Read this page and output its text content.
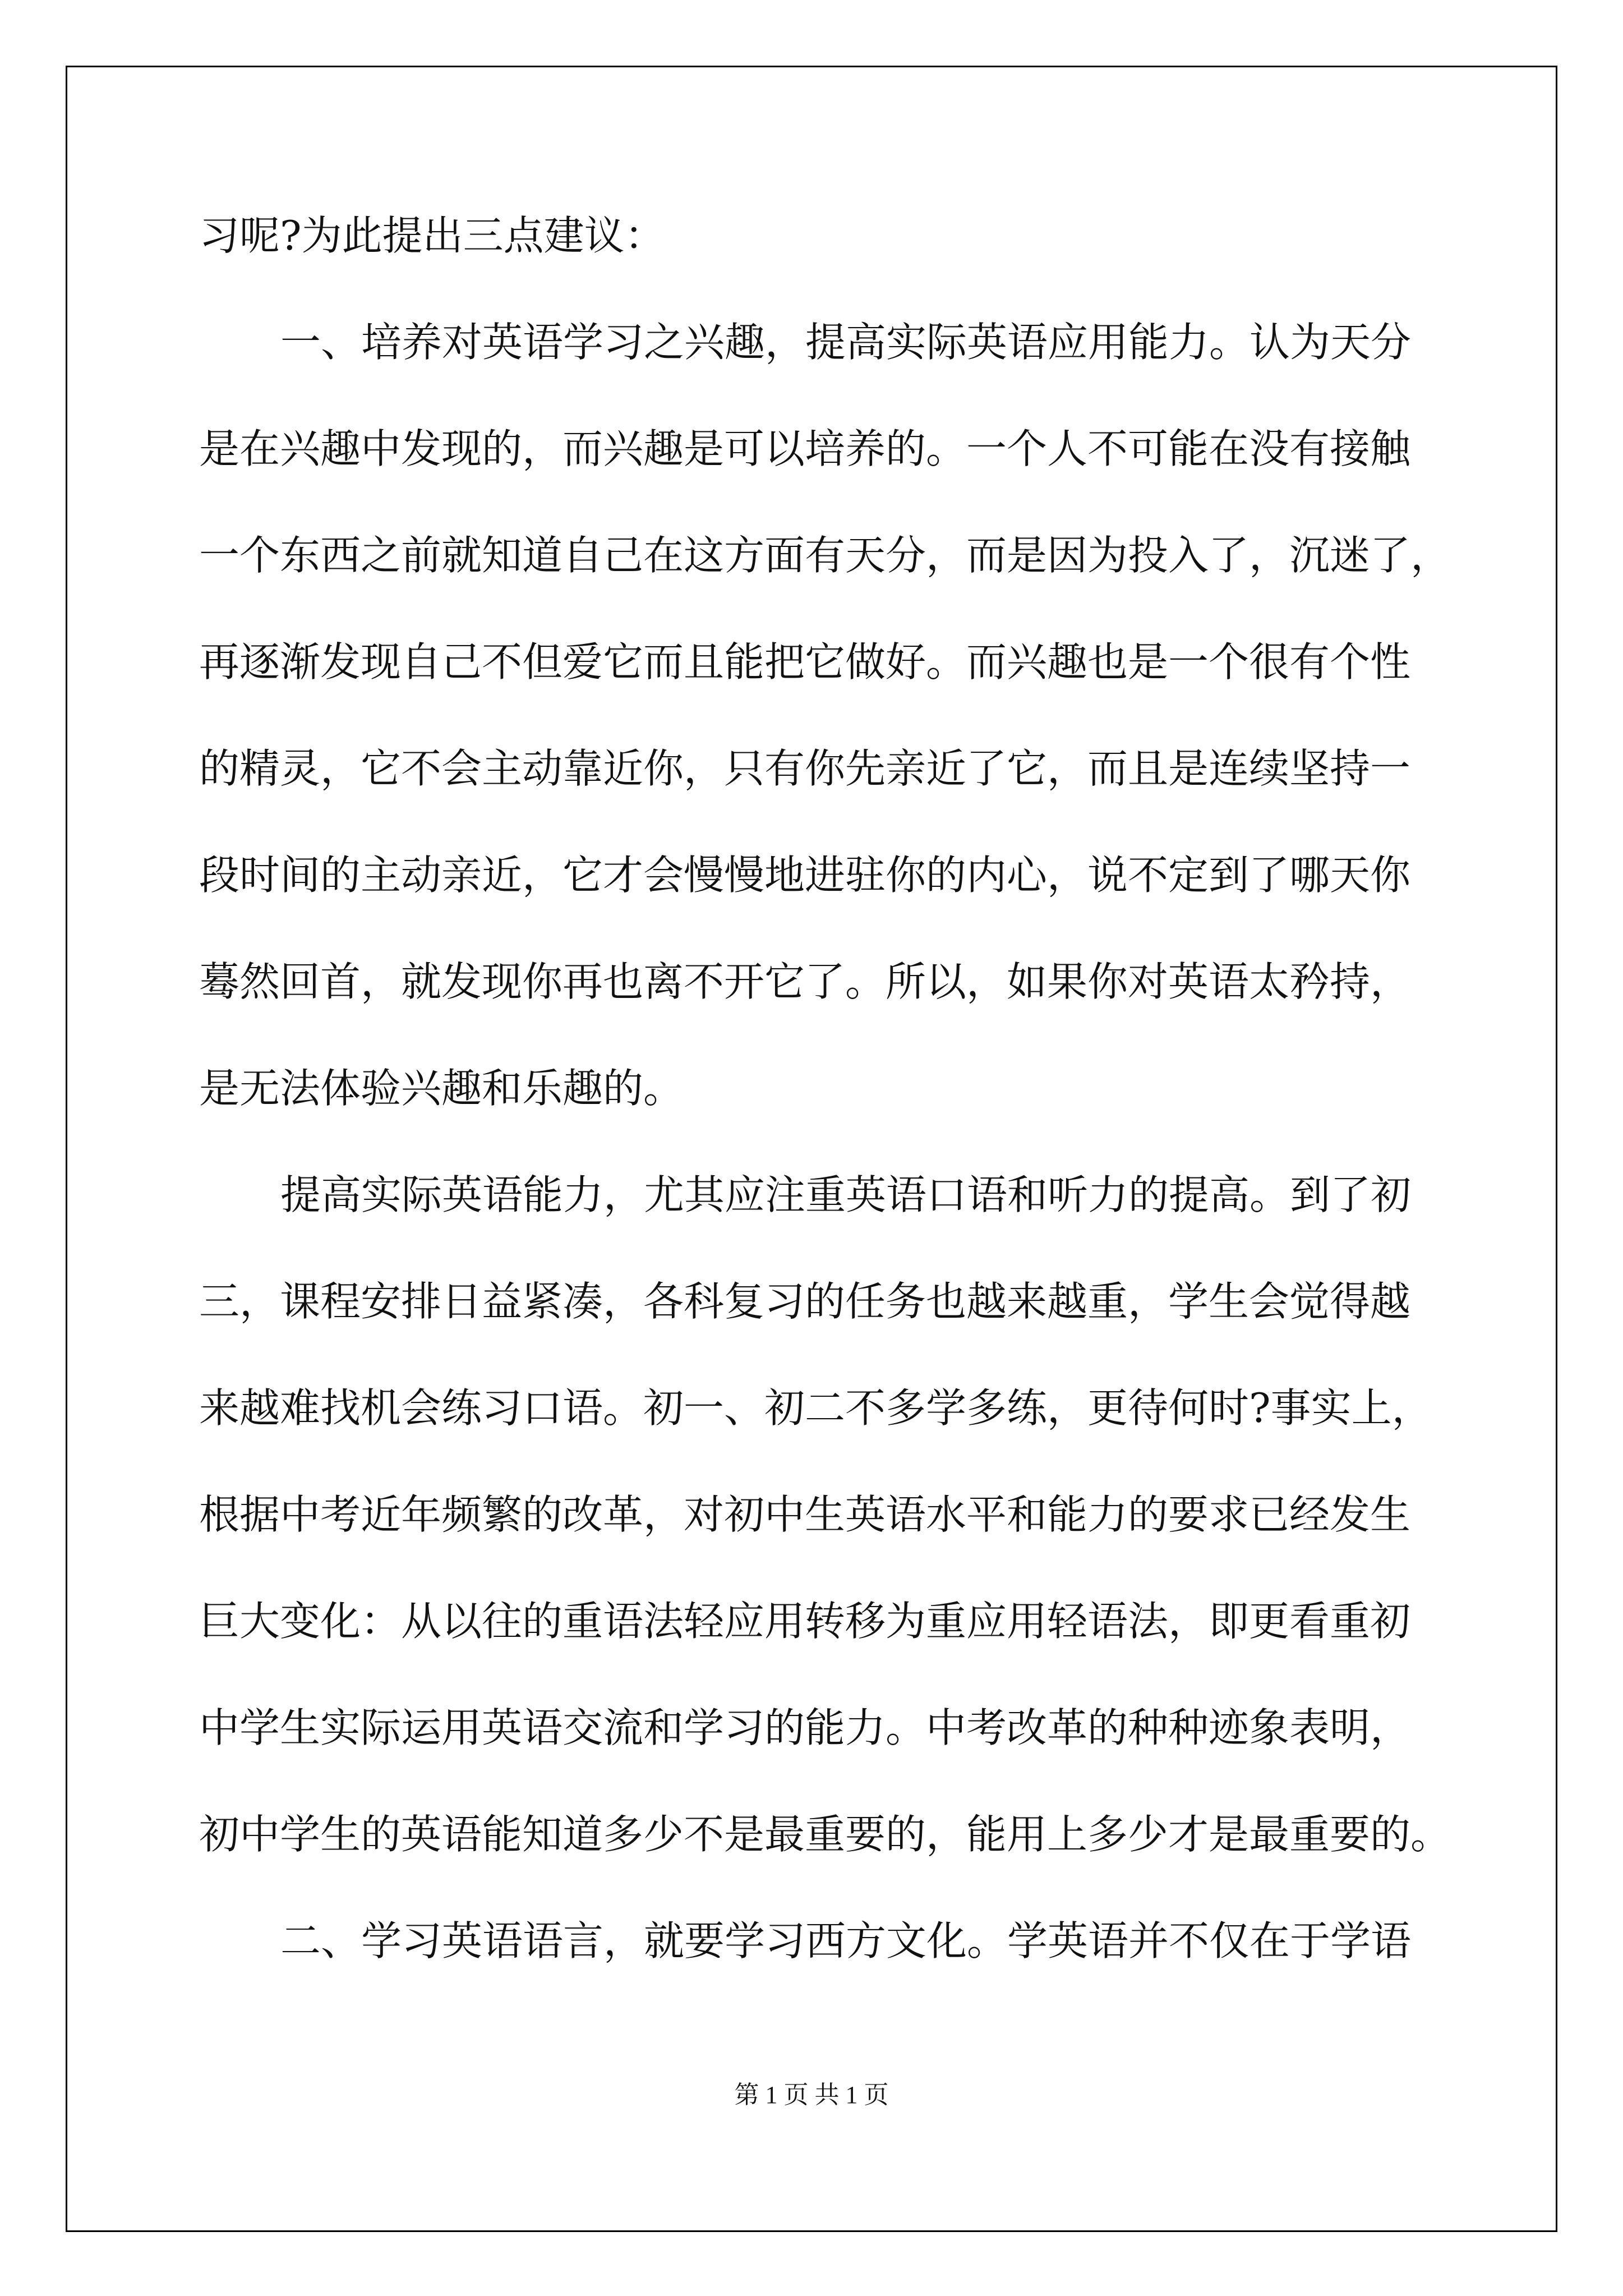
习呢?为此提出三点建议：

一、培养对英语学习之兴趣，提高实际英语应用能力。认为天分

是在兴趣中发现的，而兴趣是可以培养的。一个人不可能在没有接触

一个东西之前就知道自己在这方面有天分，而是因为投入了，沉迷了，

再逐渐发现自己不但爱它而且能把它做好。而兴趣也是一个很有个性

的精灵，它不会主动靠近你，只有你先亲近了它，而且是连续坚持一

段时间的主动亲近，它才会慢慢地进驻你的内心，说不定到了哪天你

蓦然回首，就发现你再也离不开它了。所以，如果你对英语太矜持，

是无法体验兴趣和乐趣的。

提高实际英语能力，尤其应注重英语口语和听力的提高。到了初

三，课程安排日益紧凑，各科复习的任务也越来越重，学生会觉得越

来越难找机会练习口语。初一、初二不多学多练，更待何时?事实上，

根据中考近年频繁的改革，对初中生英语水平和能力的要求已经发生

巨大变化：从以往的重语法轻应用转移为重应用轻语法，即更看重初

中学生实际运用英语交流和学习的能力。中考改革的种种迹象表明，

初中学生的英语能知道多少不是最重要的，能用上多少才是最重要的。

二、学习英语语言，就要学习西方文化。学英语并不仅在于学语

第 1 页 共 1 页
